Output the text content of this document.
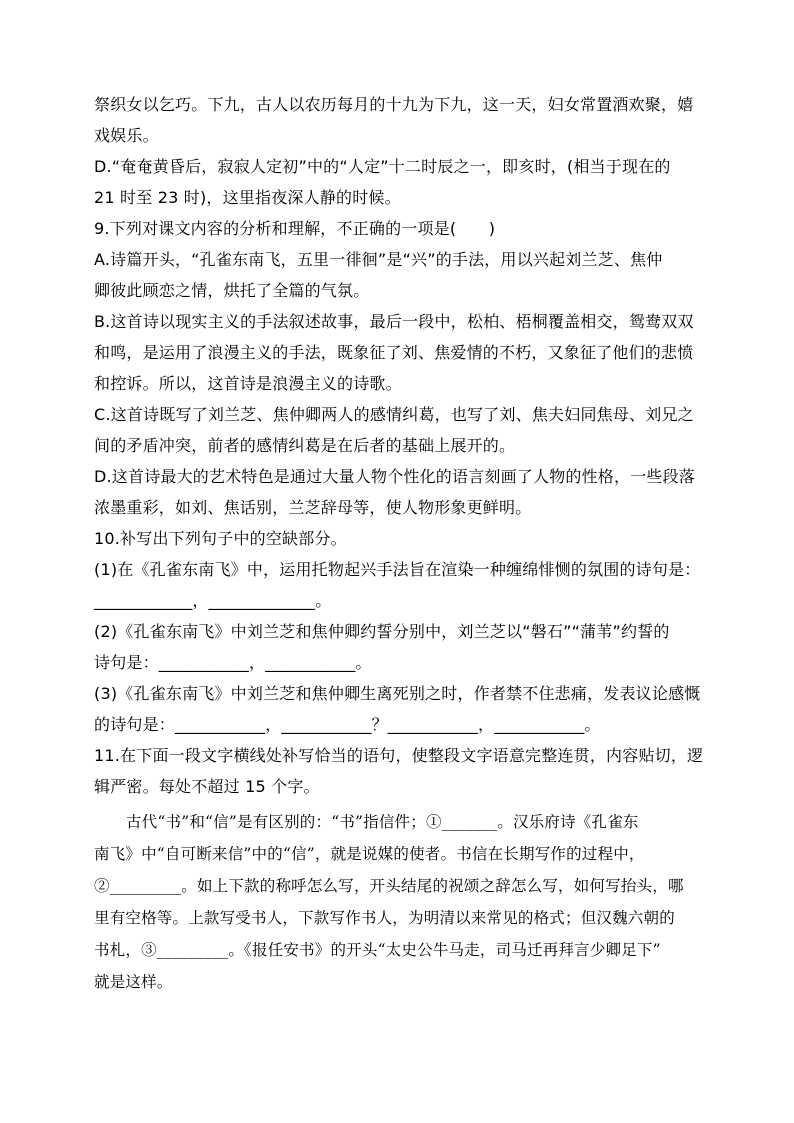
祭织女以乞巧。下九，古人以农历每月的十九为下九，这一天，妇女常置酒欢聚，嬉
戏娱乐。
D.“奄奄黄昏后，寂寂人定初”中的“人定”十二时辰之一，即亥时，(相当于现在的
21 时至 23 时)，这里指夜深人静的时候。
9.下列对课文内容的分析和理解，不正确的一项是(　　)
A.诗篇开头，“孔雀东南飞，五里一徘徊”是“兴”的手法，用以兴起刘兰芝、焦仲
卿彼此顾恋之情，烘托了全篇的气氛。
B.这首诗以现实主义的手法叙述故事，最后一段中，松柏、梧桐覆盖相交，鸳鸯双双
和鸣，是运用了浪漫主义的手法，既象征了刘、焦爱情的不朽，又象征了他们的悲愤
和控诉。所以，这首诗是浪漫主义的诗歌。
C.这首诗既写了刘兰芝、焦仲卿两人的感情纠葛，也写了刘、焦夫妇同焦母、刘兄之
间的矛盾冲突，前者的感情纠葛是在后者的基础上展开的。
D.这首诗最大的艺术特色是通过大量人物个性化的语言刻画了人物的性格，一些段落
浓墨重彩，如刘、焦话别，兰芝辞母等，使人物形象更鲜明。
10.补写出下列句子中的空缺部分。
(1)在《孔雀东南飞》中，运用托物起兴手法旨在渲染一种缠绵悱恻的氛围的诗句是：
____________，_____________。
(2)《孔雀东南飞》中刘兰芝和焦仲卿约誓分别中，刘兰芝以“磐石”“蒲苇”约誓的
诗句是：___________，___________。
(3)《孔雀东南飞》中刘兰芝和焦仲卿生离死别之时，作者禁不住悲痛，发表议论感慨
的诗句是：___________，___________？___________，___________。
11.在下面一段文字横线处补写恰当的语句，使整段文字语意完整连贯，内容贴切，逻
辑严密。每处不超过 15 个字。
古代“书”和“信”是有区别的：“书”指信件；①_______。汉乐府诗《孔雀东
南飞》中“自可断来信”中的“信”，就是说媒的使者。书信在长期写作的过程中，
②_________。如上下款的称呼怎么写，开头结尾的祝颂之辞怎么写，如何写抬头，哪
里有空格等。上款写受书人，下款写作书人，为明清以来常见的格式；但汉魏六朝的
书札，③_________。《报任安书》的开头“太史公牛马走，司马迁再拜言少卿足下”
就是这样。
